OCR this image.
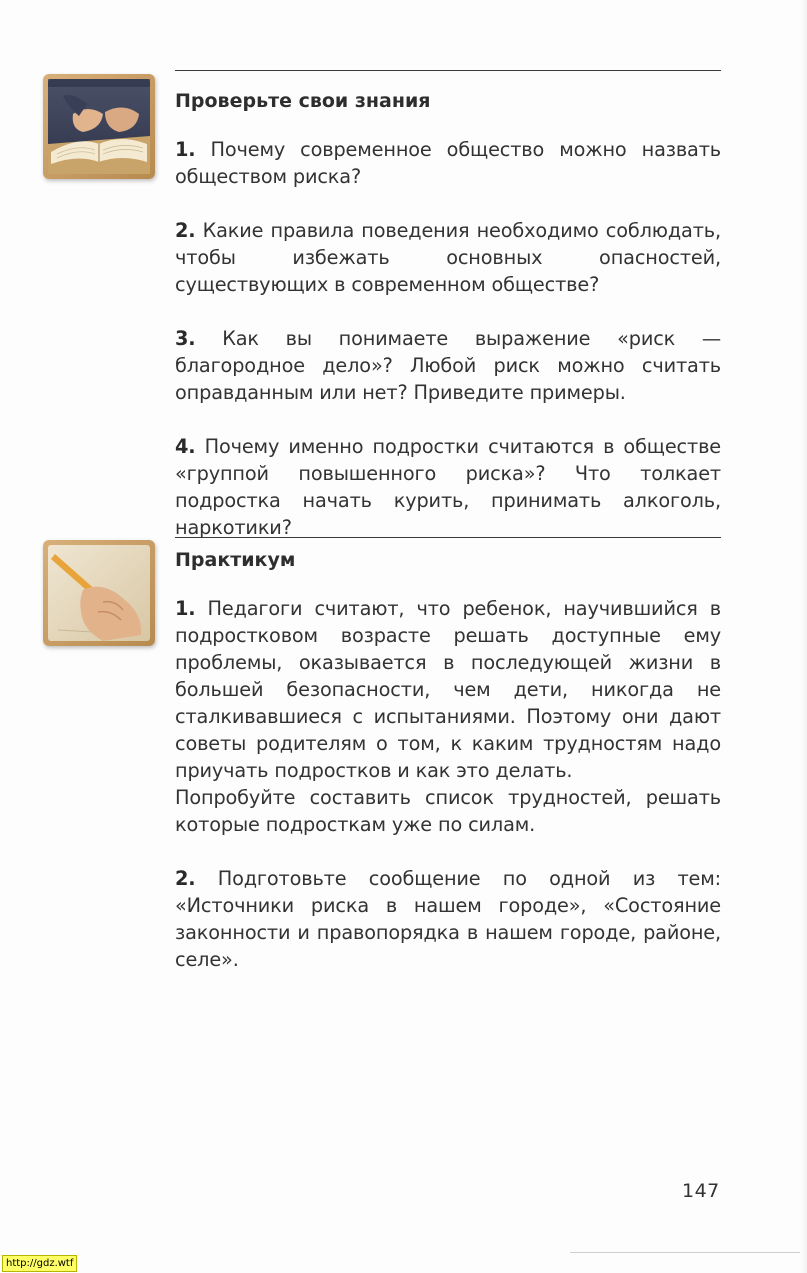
Проверьте свои знания

1. Почему современное общество можно назвать обществом риска?

2. Какие правила поведения необходимо соблюдать, чтобы избежать основных опасностей, существующих в современном обществе?

3. Как вы понимаете выражение «риск — благородное дело»? Любой риск можно считать оправданным или нет? Приведите примеры.

4. Почему именно подростки считаются в обществе «группой повышенного риска»? Что толкает подростка начать курить, принимать алкоголь, наркотики?

Практикум

1. Педагоги считают, что ребенок, научившийся в подростковом возрасте решать доступные ему проблемы, оказывается в последующей жизни в большей безопасности, чем дети, никогда не сталкивавшиеся с испытаниями. Поэтому они дают советы родителям о том, к каким трудностям надо приучать подростков и как это делать.

Попробуйте составить список трудностей, решать которые подросткам уже по силам.

2. Подготовьте сообщение по одной из тем: «Источники риска в нашем городе», «Состояние законности и правопорядка в нашем городе, районе, селе».

147
http://gdz.wtf
